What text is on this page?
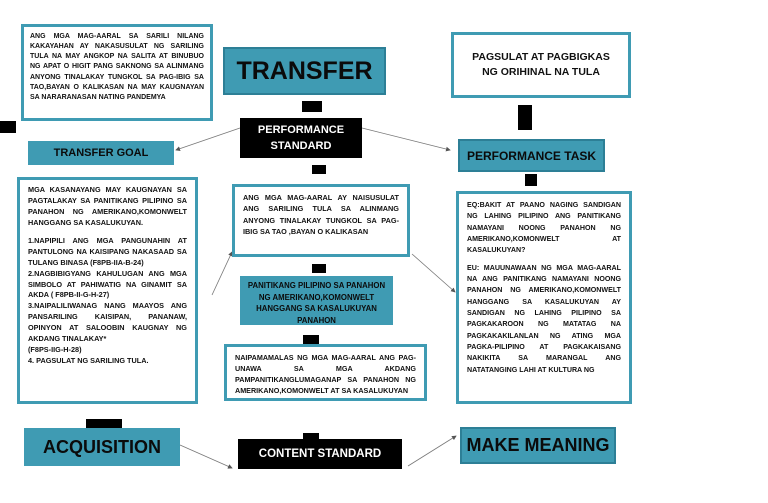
ANG MGA MAG-AARAL SA SARILI NILANG KAKAYAHAN AY NAKASUSULAT NG SARILING TULA NA MAY ANGKOP NA SALITA AT BINUBUO NG APAT O HIGIT PANG SAKNONG SA ALINMANG ANYONG TINALAKAY TUNGKOL SA PAG-IBIG SA TAO,BAYAN O KALIKASAN NA MAY KAUGNAYAN SA NARARANASAN NATING PANDEMYA
TRANSFER	PAGSULAT AT PAGBIGKAS NG ORIHINAL NA TULA
PERFORMANCE STANDARD
TRANSFER GOAL	PERFORMANCE TASK
MGA KASANAYANG MAY KAUGNAYAN SA PAGTALAKAY SA PANITIKANG PILIPINO SA PANAHON NG AMERIKANO,KOMONWELT HANGGANG SA KASALUKUYAN.
1.NAPIPILI ANG MGA PANGUNAHIN AT PANTULONG NA KAISIPANG NAKASAAD SA TULANG BINASA (F8PB-IIA-B-24)
2.NAGBIBIGYANG KAHULUGAN ANG MGA SIMBOLO AT PAHIWATIG NA GINAMIT SA AKDA ( F8PB-II-G-H-27)
3.NAIPALILIWANAG NANG MAAYOS ANG PANSARILING KAISIPAN, PANANAW, OPINYON AT SALOOBIN KAUGNAY NG AKDANG TINALAKAY*
(F8PS-IIG-H-28)
4. PAGSULAT NG SARILING TULA.
ANG MGA MAG-AARAL AY NAISUSULAT ANG SARILING TULA SA ALINMANG ANYONG TINALAKAY TUNGKOL SA PAG-IBIG SA TAO ,BAYAN O KALIKASAN
EQ:BAKIT AT PAANO NAGING SANDIGAN NG LAHING PILIPINO ANG PANITIKANG NAMAYANI NOONG PANAHON NG AMERIKANO,KOMONWELT AT KASALUKUYAN?
EU: MAUUNAWAAN NG MGA MAG-AARAL NA ANG PANITIKANG NAMAYANI NOONG PANAHON NG AMERIKANO,KOMONWELT HANGGANG SA KASALUKUYAN AY SANDIGAN NG LAHING PILIPINO SA PAGKAKAROON NG MATATAG NA PAGKAKAKILANLAN NG ATING MGA PAGKA-PILIPINO AT PAGKAKAISANG NAKIKITA SA MARANGAL ANG NATATANGING LAHI AT KULTURA NG
PANITIKANG PILIPINO SA PANAHON NG AMERIKANO,KOMONWELT HANGGANG SA KASALUKUYAN PANAHON
NAIPAMAMALAS NG MGA MAG-AARAL ANG PAG-UNAWA SA MGA AKDANG PAMPANITIKANGLUMAGANAP SA PANAHON NG AMERIKANO,KOMONWELT AT SA KASALUKUYAN
ACQUISITION	CONTENT STANDARD	MAKE MEANING
